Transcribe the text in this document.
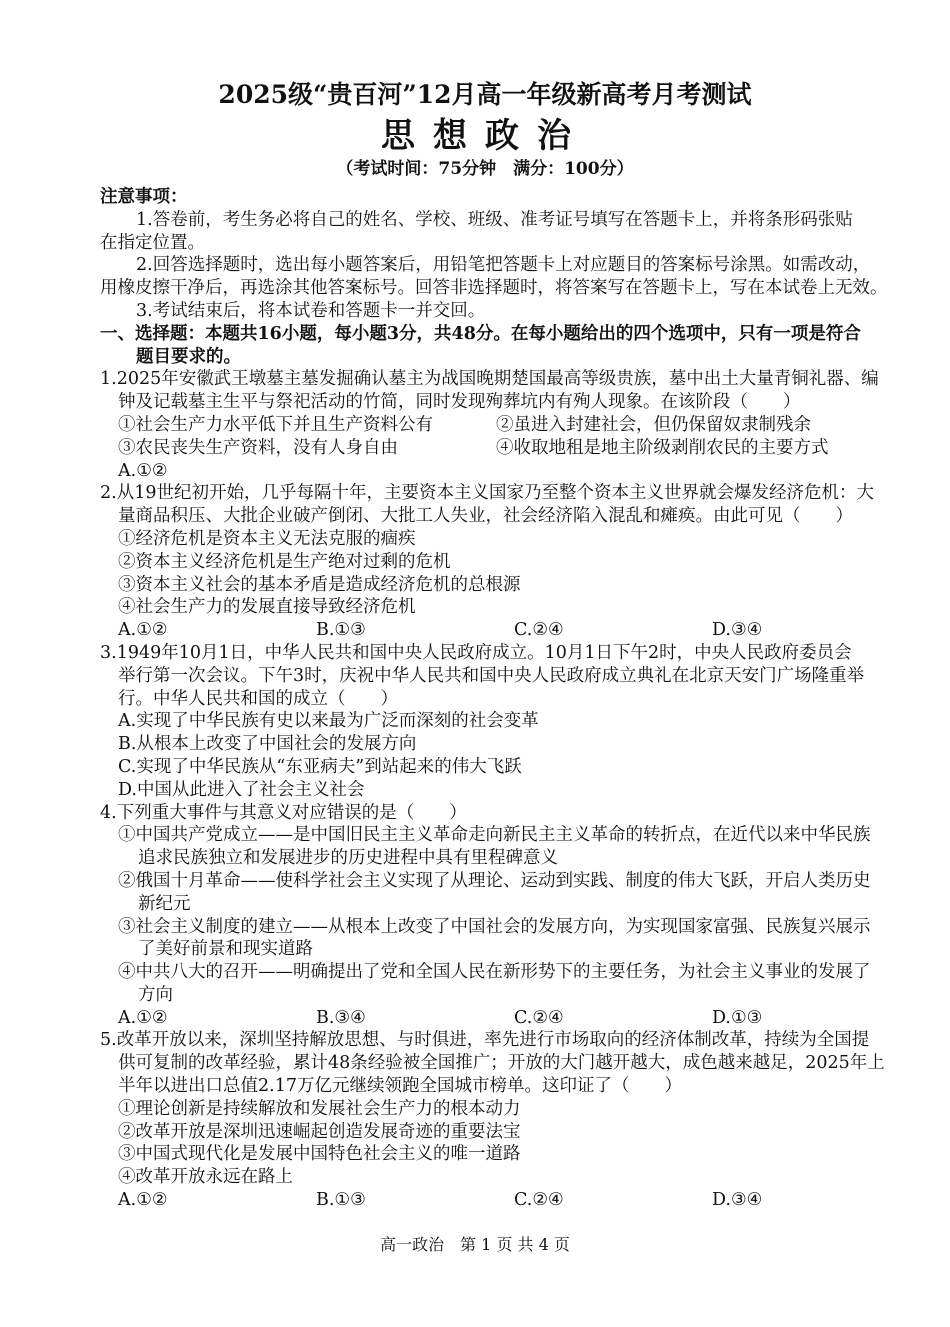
2025级“贵百河”12月高一年级新高考月考测试
思想政治
（考试时间：75分钟　满分：100分）
注意事项：
1.答卷前，考生务必将自己的姓名、学校、班级、准考证号填写在答题卡上，并将条形码张贴
在指定位置。
2.回答选择题时，选出每小题答案后，用铅笔把答题卡上对应题目的答案标号涂黑。如需改动，
用橡皮擦干净后，再选涂其他答案标号。回答非选择题时，将答案写在答题卡上，写在本试卷上无效。
3.考试结束后，将本试卷和答题卡一并交回。
一、选择题：本题共16小题，每小题3分，共48分。在每小题给出的四个选项中，只有一项是符合
题目要求的。
1.2025年安徽武王墩墓主墓发掘确认墓主为战国晚期楚国最高等级贵族，墓中出土大量青铜礼器、编
钟及记载墓主生平与祭祀活动的竹简，同时发现殉葬坑内有殉人现象。在该阶段（　　）
①社会生产力水平低下并且生产资料公有	②虽进入封建社会，但仍保留奴隶制残余
③农民丧失生产资料，没有人身自由	④收取地租是地主阶级剥削农民的主要方式
A.①②
2.从19世纪初开始，几乎每隔十年，主要资本主义国家乃至整个资本主义世界就会爆发经济危机：大
量商品积压、大批企业破产倒闭、大批工人失业，社会经济陷入混乱和瘫痪。由此可见（　　）
①经济危机是资本主义无法克服的痼疾
②资本主义经济危机是生产绝对过剩的危机
③资本主义社会的基本矛盾是造成经济危机的总根源
④社会生产力的发展直接导致经济危机
A.①②	B.①③	C.②④	D.③④
3.1949年10月1日，中华人民共和国中央人民政府成立。10月1日下午2时，中央人民政府委员会
举行第一次会议。下午3时，庆祝中华人民共和国中央人民政府成立典礼在北京天安门广场隆重举
行。中华人民共和国的成立（　　）
A.实现了中华民族有史以来最为广泛而深刻的社会变革
B.从根本上改变了中国社会的发展方向
C.实现了中华民族从“东亚病夫”到站起来的伟大飞跃
D.中国从此进入了社会主义社会
4.下列重大事件与其意义对应错误的是（　　）
①中国共产党成立——是中国旧民主主义革命走向新民主主义革命的转折点，在近代以来中华民族
追求民族独立和发展进步的历史进程中具有里程碑意义
②俄国十月革命——使科学社会主义实现了从理论、运动到实践、制度的伟大飞跃，开启人类历史
新纪元
③社会主义制度的建立——从根本上改变了中国社会的发展方向，为实现国家富强、民族复兴展示
了美好前景和现实道路
④中共八大的召开——明确提出了党和全国人民在新形势下的主要任务，为社会主义事业的发展了
方向
A.①②	B.③④	C.②④	D.①③
5.改革开放以来，深圳坚持解放思想、与时俱进，率先进行市场取向的经济体制改革，持续为全国提
供可复制的改革经验，累计48条经验被全国推广；开放的大门越开越大，成色越来越足，2025年上
半年以进出口总值2.17万亿元继续领跑全国城市榜单。这印证了（　　）
①理论创新是持续解放和发展社会生产力的根本动力
②改革开放是深圳迅速崛起创造发展奇迹的重要法宝
③中国式现代化是发展中国特色社会主义的唯一道路
④改革开放永远在路上
A.①②	B.①③	C.②④	D.③④
高一政治　第 1 页 共 4 页
